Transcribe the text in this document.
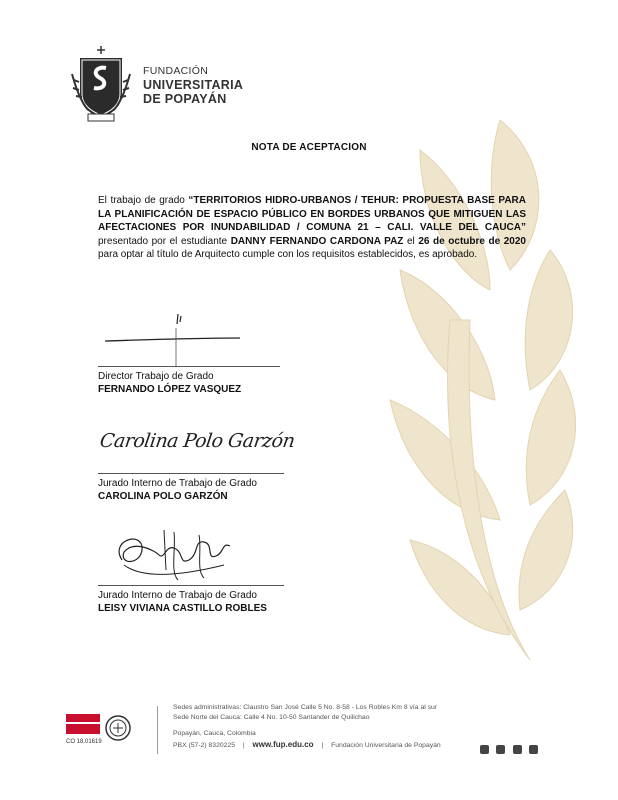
FUNDACIÓN
UNIVERSITARIA
DE POPAYÁN
NOTA DE ACEPTACION
El trabajo de grado “TERRITORIOS HIDRO-URBANOS / TEHUR: PROPUESTA BASE PARA LA PLANIFICACIÓN DE ESPACIO PÚBLICO EN BORDES URBANOS QUE MITIGUEN LAS AFECTACIONES POR INUNDABILIDAD / COMUNA 21 – CALI. VALLE DEL CAUCA” presentado por el estudiante DANNY FERNANDO CARDONA PAZ el 26 de octubre de 2020 para optar al título de Arquitecto cumple con los requisitos establecidos, es aprobado.
Director Trabajo de Grado
FERNANDO LÓPEZ VASQUEZ
Carolina Polo Garzón
Jurado Interno de Trabajo de Grado
CAROLINA POLO GARZÓN
Jurado Interno de Trabajo de Grado
LEISY VIVIANA CASTILLO ROBLES
CO 18.01619
Sedes administrativas: Claustro San José Calle 5 No. 8-58 - Los Robles Km 8 vía al sur
Sede Norte del Cauca: Calle 4 No. 10-50 Santander de Quilichao
Popayán, Cauca, Colombia
PBX (57-2) 8320225 | www.fup.edu.co | Fundación Universitaria de Popayán
